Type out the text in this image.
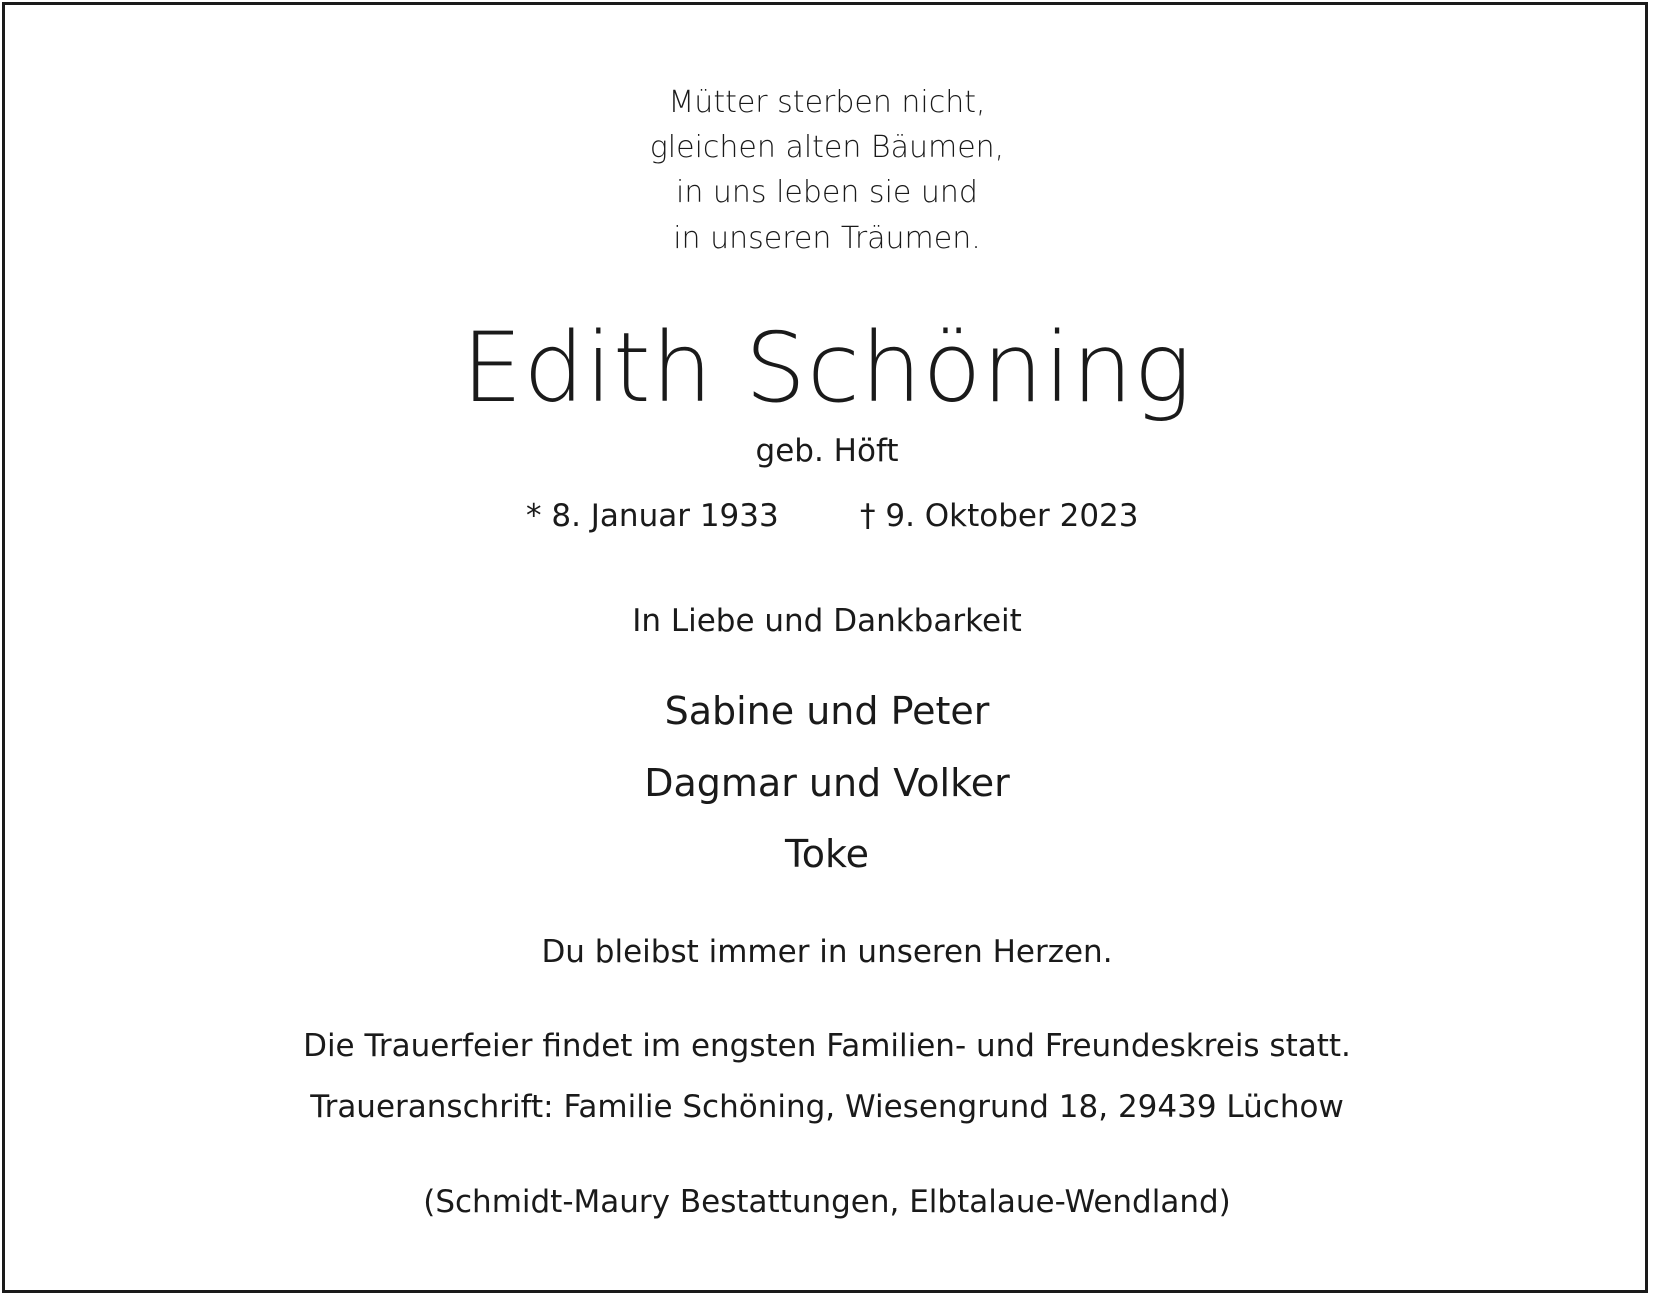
Mütter sterben nicht,
gleichen alten Bäumen,
in uns leben sie und
in unseren Träumen.
Edith Schöning
geb. Höft
* 8. Januar 1933	† 9. Oktober 2023
In Liebe und Dankbarkeit
Sabine und Peter
Dagmar und Volker
Toke
Du bleibst immer in unseren Herzen.
Die Trauerfeier findet im engsten Familien- und Freundeskreis statt.
Traueranschrift: Familie Schöning, Wiesengrund 18, 29439 Lüchow
(Schmidt-Maury Bestattungen, Elbtalaue-Wendland)
